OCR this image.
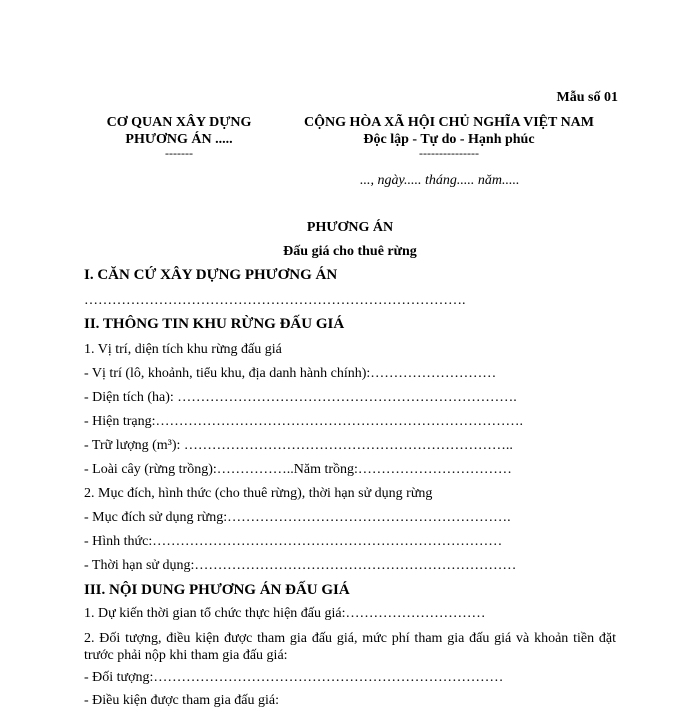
Mẫu số 01
CƠ QUAN XÂY DỰNG
PHƯƠNG ÁN .....
-------
CỘNG HÒA XÃ HỘI CHỦ NGHĨA VIỆT NAM
Độc lập - Tự do - Hạnh phúc
---------------
..., ngày..... tháng..... năm.....
PHƯƠNG ÁN
Đấu giá cho thuê rừng
I. CĂN CỨ XÂY DỰNG PHƯƠNG ÁN
……………………………………………………………………….
II. THÔNG TIN KHU RỪNG ĐẤU GIÁ
1. Vị trí, diện tích khu rừng đấu giá
- Vị trí (lô, khoảnh, tiểu khu, địa danh hành chính):………………………
- Diện tích (ha): ……………………………………………………………….
- Hiện trạng:…………………………………………………………………….
- Trữ lượng (m³): ……………………………………………………………..
- Loài cây (rừng trồng):……………..Năm trồng:……………………………
2. Mục đích, hình thức (cho thuê rừng), thời hạn sử dụng rừng
- Mục đích sử dụng rừng:…………………………………………………….
- Hình thức:…………………………………………………………………
- Thời hạn sử dụng:……………………………………………………………
III. NỘI DUNG PHƯƠNG ÁN ĐẤU GIÁ
1. Dự kiến thời gian tổ chức thực hiện đấu giá:…………………………
2. Đối tượng, điều kiện được tham gia đấu giá, mức phí tham gia đấu giá và khoản tiền đặt trước phải nộp khi tham gia đấu giá:
- Đối tượng:…………………………………………………………………
- Điều kiện được tham gia đấu giá:
